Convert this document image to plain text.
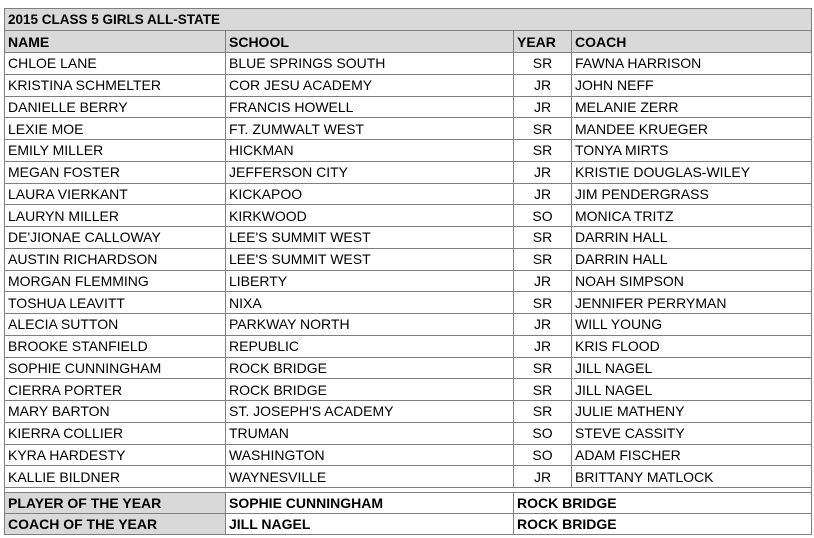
2015 CLASS 5 GIRLS ALL-STATE			
NAME	SCHOOL	YEAR	COACH
CHLOE LANE	BLUE SPRINGS SOUTH	SR	FAWNA HARRISON
KRISTINA SCHMELTER	COR JESU ACADEMY	JR	JOHN NEFF
DANIELLE BERRY	FRANCIS HOWELL	JR	MELANIE ZERR
LEXIE MOE	FT. ZUMWALT WEST	SR	MANDEE KRUEGER
EMILY MILLER	HICKMAN	SR	TONYA MIRTS
MEGAN FOSTER	JEFFERSON CITY	JR	KRISTIE DOUGLAS-WILEY
LAURA VIERKANT	KICKAPOO	JR	JIM PENDERGRASS
LAURYN MILLER	KIRKWOOD	SO	MONICA TRITZ
DE'JIONAE CALLOWAY	LEE'S SUMMIT WEST	SR	DARRIN HALL
AUSTIN RICHARDSON	LEE'S SUMMIT WEST	SR	DARRIN HALL
MORGAN FLEMMING	LIBERTY	JR	NOAH SIMPSON
TOSHUA LEAVITT	NIXA	SR	JENNIFER PERRYMAN
ALECIA SUTTON	PARKWAY NORTH	JR	WILL YOUNG
BROOKE STANFIELD	REPUBLIC	JR	KRIS FLOOD
SOPHIE CUNNINGHAM	ROCK BRIDGE	SR	JILL NAGEL
CIERRA PORTER	ROCK BRIDGE	SR	JILL NAGEL
MARY BARTON	ST. JOSEPH'S ACADEMY	SR	JULIE MATHENY
KIERRA COLLIER	TRUMAN	SO	STEVE CASSITY
KYRA HARDESTY	WASHINGTON	SO	ADAM FISCHER
KALLIE BILDNER	WAYNESVILLE	JR	BRITTANY MATLOCK

PLAYER OF THE YEAR	SOPHIE CUNNINGHAM	ROCK BRIDGE	
COACH OF THE YEAR	JILL NAGEL	ROCK BRIDGE	
